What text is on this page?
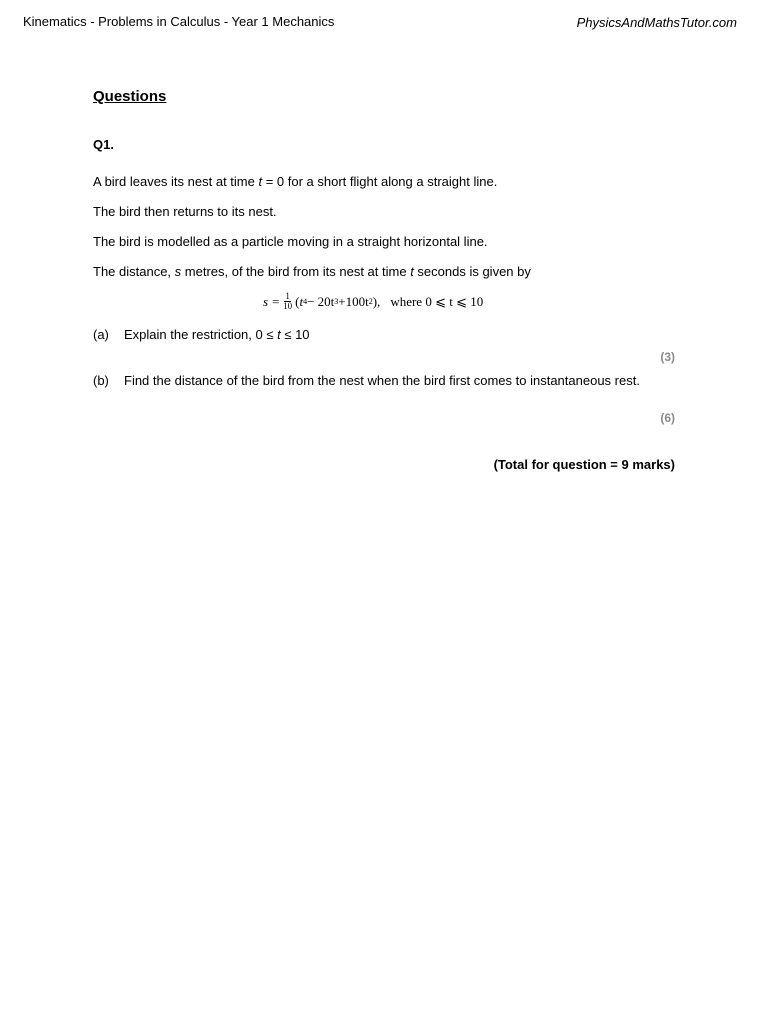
Kinematics - Problems in Calculus - Year 1 Mechanics	PhysicsAndMathsTutor.com
Questions
Q1.
A bird leaves its nest at time t = 0 for a short flight along a straight line.
The bird then returns to its nest.
The bird is modelled as a particle moving in a straight horizontal line.
The distance, s metres, of the bird from its nest at time t seconds is given by
$s = \frac{1}{10}$ ( t 4 − 20t 3 +100t 2 ), where 0 ⩽ t ⩽ 10
(a) Explain the restriction, 0 ≤ t ≤ 10
(3)
(b) Find the distance of the bird from the nest when the bird first comes to instantaneous rest.
(6)
(Total for question = 9 marks)
